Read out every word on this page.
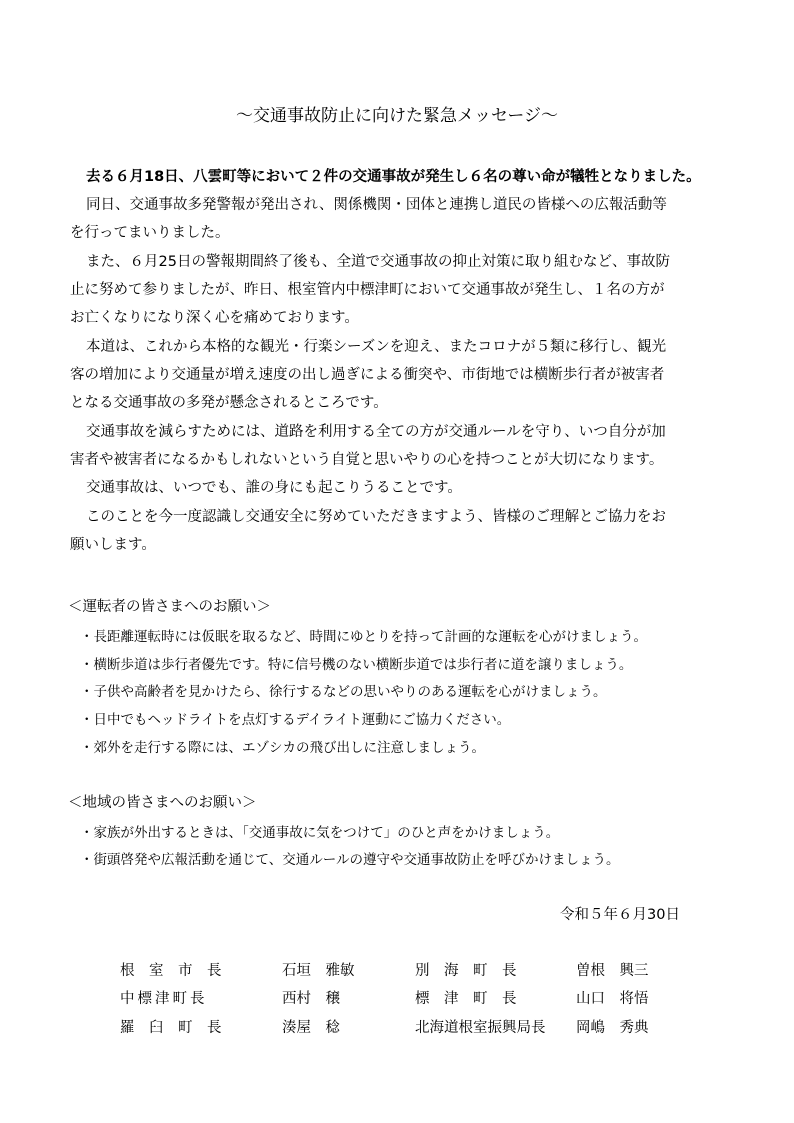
〜交通事故防止に向けた緊急メッセージ〜
去る６月18日、八雲町等において２件の交通事故が発生し６名の尊い命が犠牲となりました。
同日、交通事故多発警報が発出され、関係機関・団体と連携し道民の皆様への広報活動等
を行ってまいりました。
また、６月25日の警報期間終了後も、全道で交通事故の抑止対策に取り組むなど、事故防
止に努めて参りましたが、昨日、根室管内中標津町において交通事故が発生し、１名の方が
お亡くなりになり深く心を痛めております。
本道は、これから本格的な観光・行楽シーズンを迎え、またコロナが５類に移行し、観光
客の増加により交通量が増え速度の出し過ぎによる衝突や、市街地では横断歩行者が被害者
となる交通事故の多発が懸念されるところです。
交通事故を減らすためには、道路を利用する全ての方が交通ルールを守り、いつ自分が加
害者や被害者になるかもしれないという自覚と思いやりの心を持つことが大切になります。
交通事故は、いつでも、誰の身にも起こりうることです。
このことを今一度認識し交通安全に努めていただきますよう、皆様のご理解とご協力をお
願いします。
＜運転者の皆さまへのお願い＞
・長距離運転時には仮眠を取るなど、時間にゆとりを持って計画的な運転を心がけましょう。
・横断歩道は歩行者優先です。特に信号機のない横断歩道では歩行者に道を譲りましょう。
・子供や高齢者を見かけたら、徐行するなどの思いやりのある運転を心がけましょう。
・日中でもヘッドライトを点灯するデイライト運動にご協力ください。
・郊外を走行する際には、エゾシカの飛び出しに注意しましょう。
＜地域の皆さまへのお願い＞
・家族が外出するときは、「交通事故に気をつけて」のひと声をかけましょう。
・街頭啓発や広報活動を通じて、交通ルールの遵守や交通事故防止を呼びかけましょう。
令和５年６月30日
根　室　市　長	石垣　雅敏	別　海　町　長	曽根　興三
中標津町長	西村　穣	標　津　町　長	山口　将悟
羅　臼　町　長	湊屋　稔	北海道根室振興局長 岡嶋　秀典
